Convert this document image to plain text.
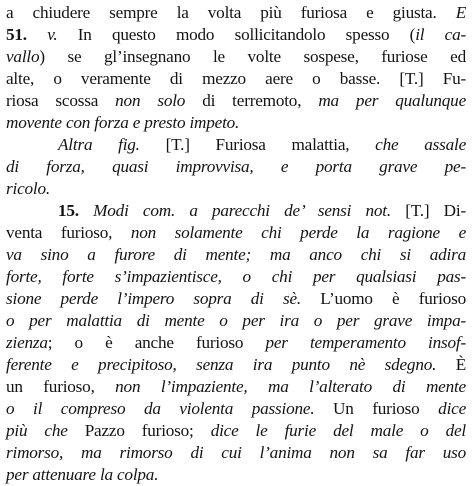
a chiudere sempre la volta più furiosa e giusta. E
51. v. In questo modo sollicitandolo spesso (il ca-
vallo) se gl’insegnano le volte sospese, furiose ed
alte, o veramente di mezzo aere o basse. [T.] Fu-
riosa scossa non solo di terremoto, ma per qualunque
movente con forza e presto impeto.
Altra fig. [T.] Furiosa malattia, che assale
di forza, quasi improvvisa, e porta grave pe-
ricolo.
15. Modi com. a parecchi de’ sensi not. [T.] Di-
venta furioso, non solamente chi perde la ragione e
va sino a furore di mente; ma anco chi si adira
forte, forte s’impazientisce, o chi per qualsiasi pas-
sione perde l’impero sopra di sè. L’uomo è furioso
o per malattia di mente o per ira o per grave impa-
zienza; o è anche furioso per temperamento insof-
ferente e precipitoso, senza ira punto nè sdegno. È
un furioso, non l’impaziente, ma l’alterato di mente
o il compreso da violenta passione. Un furioso dice
più che Pazzo furioso; dice le furie del male o del
rimorso, ma rimorso di cui l’anima non sa far uso
per attenuare la colpa.
